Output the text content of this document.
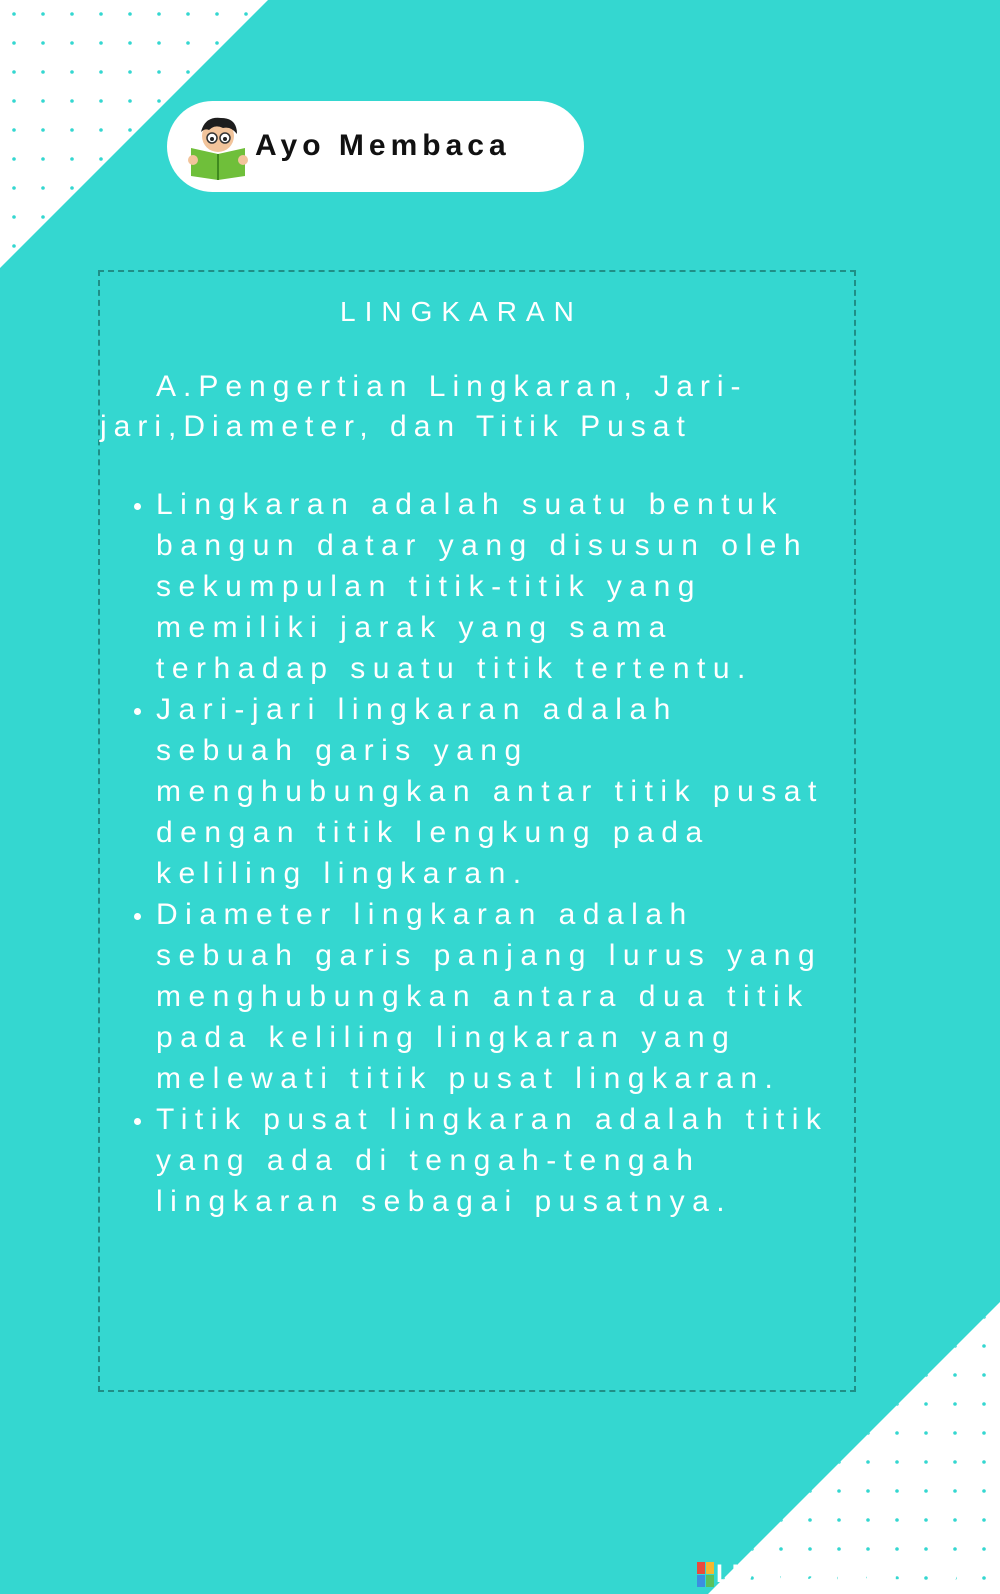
Ayo Membaca
LINGKARAN
A.Pengertian Lingkaran, Jari-jari,Diameter, dan Titik Pusat
Lingkaran adalah suatu bentuk bangun datar yang disusun oleh sekumpulan titik-titik yang memiliki jarak yang sama terhadap suatu titik tertentu.
Jari-jari lingkaran adalah sebuah garis yang menghubungkan antar titik pusat dengan titik lengkung pada keliling lingkaran.
Diameter lingkaran adalah sebuah garis panjang lurus yang menghubungkan antara dua titik pada keliling lingkaran yang melewati titik pusat lingkaran.
Titik pusat lingkaran adalah titik yang ada di tengah-tengah lingkaran sebagai pusatnya.
LIVEWORKSHEETS
